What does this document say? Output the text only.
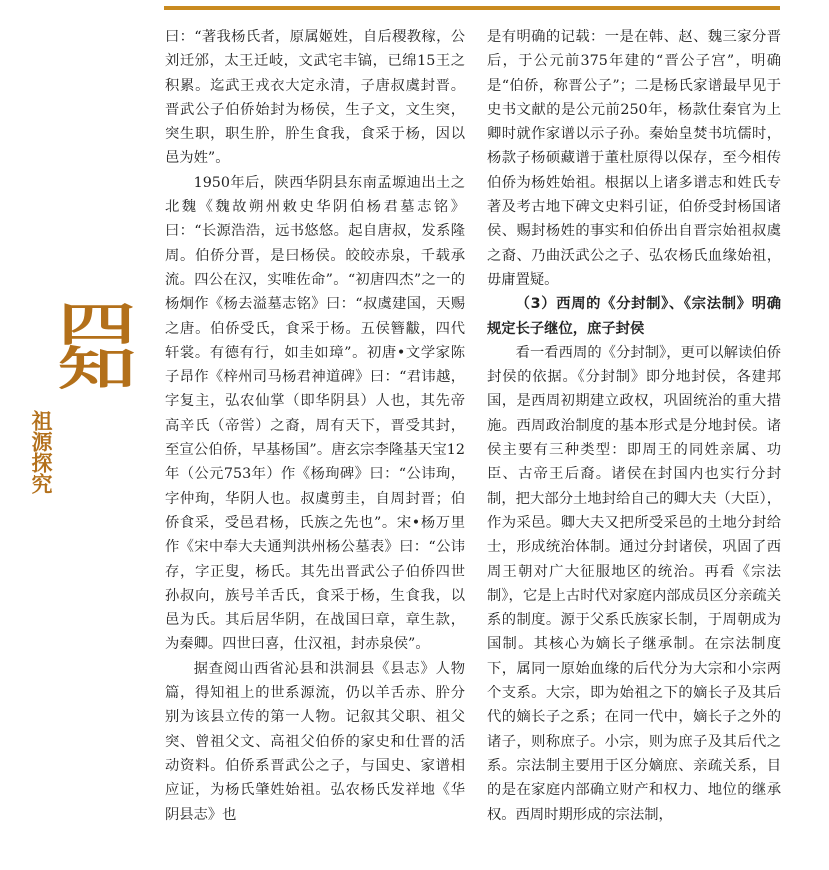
四知
祖源探究

曰：“著我杨氏者，原属姬姓，自后稷教稼，公刘迁邠，太王迁岐，文武宅丰镐，已绵15王之积累。迄武王戎衣大定永清，子唐叔虞封晋。晋武公子伯侨始封为杨侯，生子文，文生突，突生职，职生肸，肸生食我，食采于杨，因以邑为姓”。

1950年后，陕西华阴县东南孟塬迪出土之北魏《魏故朔州敕史华阴伯杨君墓志铭》曰：“长源浩浩，远书悠悠。起自唐叔，发系隆周。伯侨分晋，是曰杨侯。皎皎赤泉，千载承流。四公在汉，实唯佐命”。“初唐四杰”之一的杨炯作《杨去溢墓志铭》曰：“叔虞建国，天赐之唐。伯侨受氏，食采于杨。五侯簪黻，四代轩裳。有德有行，如圭如璋”。初唐•文学家陈子昂作《梓州司马杨君神道碑》曰：“君讳越，字复主，弘农仙掌（即华阴县）人也，其先帝高辛氏（帝喾）之裔，周有天下，晋受其封，至宣公伯侨，早基杨国”。唐玄宗李隆基天宝12年（公元753年）作《杨珣碑》曰：“公讳珣，字仲珣，华阴人也。叔虞剪圭，自周封晋；伯侨食采，受邑君杨，氏族之先也”。宋•杨万里作《宋中奉大夫通判洪州杨公墓表》曰：“公讳存，字正叟，杨氏。其先出晋武公子伯侨四世孙叔向，族号羊舌氏，食采于杨，生食我，以邑为氏。其后居华阴，在战国曰章，章生款，为秦卿。四世曰喜，仕汉祖，封赤泉侯”。

据查阅山西省沁县和洪洞县《县志》人物篇，得知祖上的世系源流，仍以羊舌赤、肸分别为该县立传的第一人物。记叙其父职、祖父突、曾祖父文、高祖父伯侨的家史和仕晋的活动资料。伯侨系晋武公之子，与国史、家谱相应证，为杨氏肇姓始祖。弘农杨氏发祥地《华阴县志》也

是有明确的记载：一是在韩、赵、魏三家分晋后，于公元前375年建的“晋公子宫”，明确是“伯侨，称晋公子”；二是杨氏家谱最早见于史书文献的是公元前250年，杨款仕秦官为上卿时就作家谱以示子孙。秦始皇焚书坑儒时，杨款子杨硕藏谱于董杜原得以保存，至今相传伯侨为杨姓始祖。根据以上诸多谱志和姓氏专著及考古地下碑文史料引证，伯侨受封杨国诸侯、赐封杨姓的事实和伯侨出自晋宗始祖叔虞之裔、乃曲沃武公之子、弘农杨氏血缘始祖，毋庸置疑。

（3）西周的《分封制》、《宗法制》明确规定长子继位，庶子封侯

看一看西周的《分封制》，更可以解读伯侨封侯的依据。《分封制》即分地封侯，各建邦国，是西周初期建立政权，巩固统治的重大措施。西周政治制度的基本形式是分地封侯。诸侯主要有三种类型：即周王的同姓亲属、功臣、古帝王后裔。诸侯在封国内也实行分封制，把大部分土地封给自己的卿大夫（大臣），作为采邑。卿大夫又把所受采邑的土地分封给士，形成统治体制。通过分封诸侯，巩固了西周王朝对广大征服地区的统治。再看《宗法制》，它是上古时代对家庭内部成员区分亲疏关系的制度。源于父系氏族家长制，于周朝成为国制。其核心为嫡长子继承制。在宗法制度下，属同一原始血缘的后代分为大宗和小宗两个支系。大宗，即为始祖之下的嫡长子及其后代的嫡长子之系；在同一代中，嫡长子之外的诸子，则称庶子。小宗，则为庶子及其后代之系。宗法制主要用于区分嫡庶、亲疏关系，目的是在家庭内部确立财产和权力、地位的继承权。西周时期形成的宗法制，
